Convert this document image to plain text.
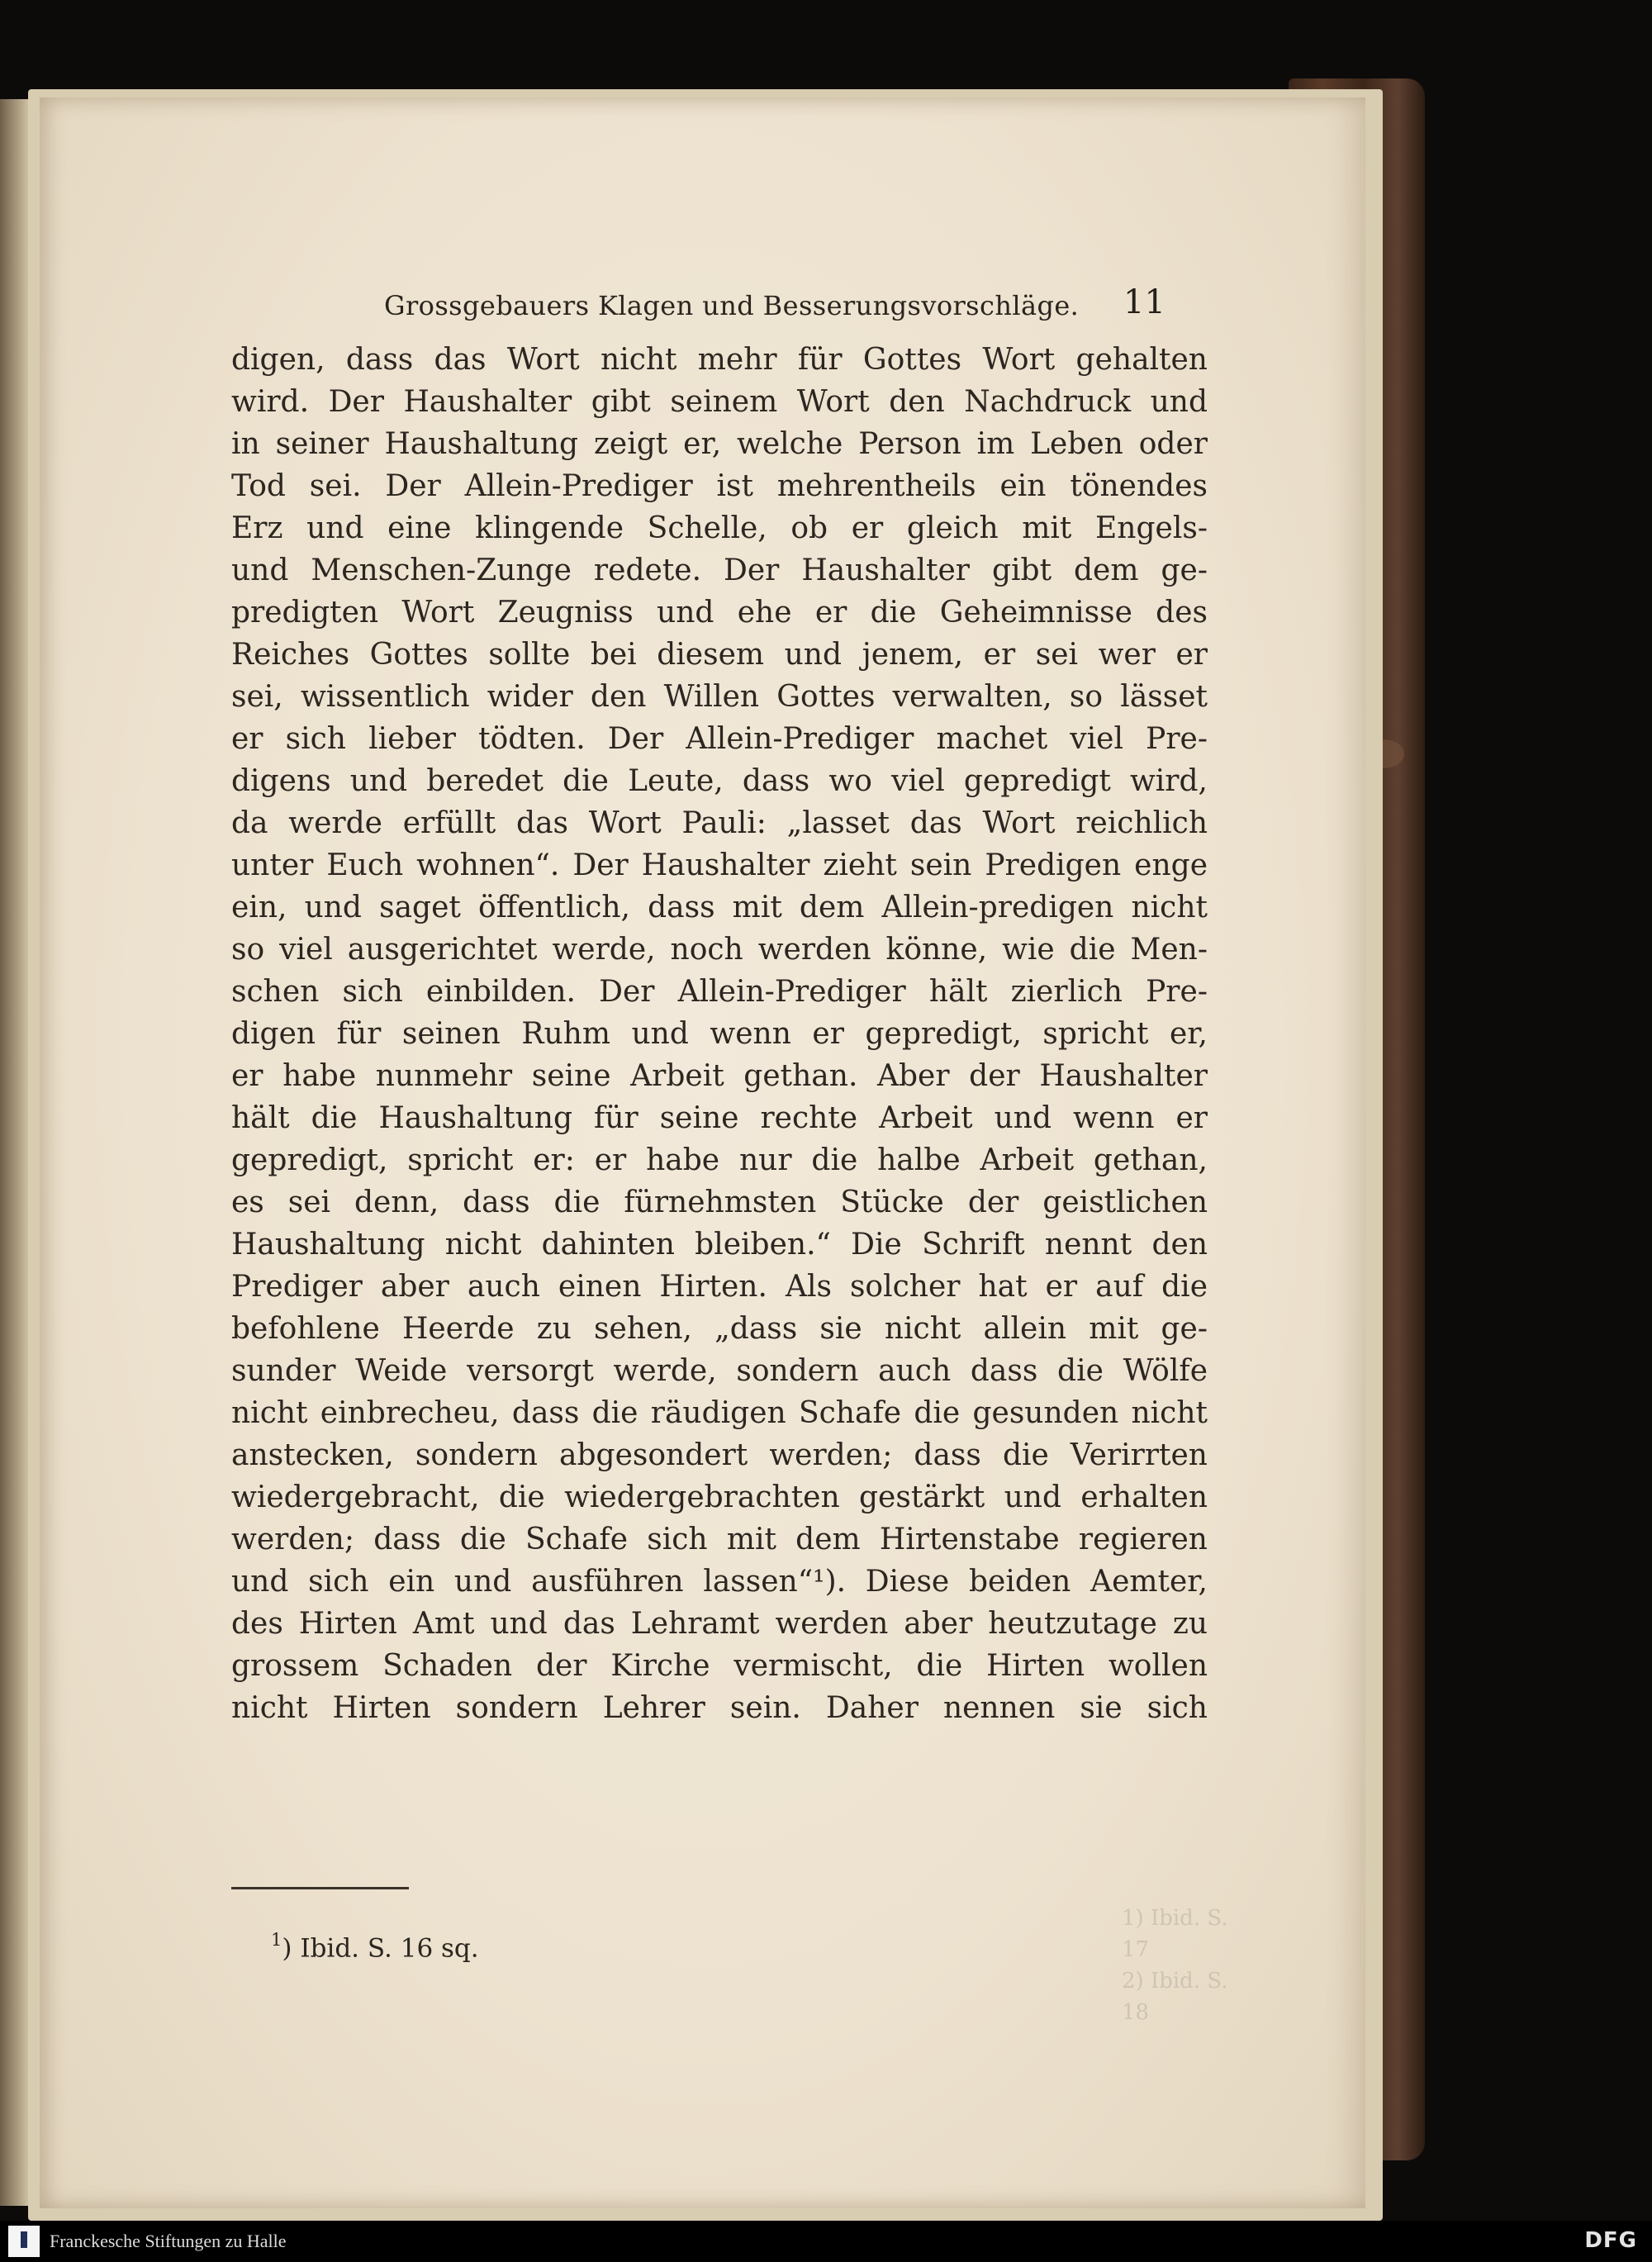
Grossgebauers Klagen und Besserungsvorschläge. 11
digen, dass das Wort nicht mehr für Gottes Wort gehalten
wird. Der Haushalter gibt seinem Wort den Nachdruck und
in seiner Haushaltung zeigt er, welche Person im Leben oder
Tod sei. Der Allein-Prediger ist mehrentheils ein tönendes
Erz und eine klingende Schelle, ob er gleich mit Engels-
und Menschen-Zunge redete. Der Haushalter gibt dem ge-
predigten Wort Zeugniss und ehe er die Geheimnisse des
Reiches Gottes sollte bei diesem und jenem, er sei wer er
sei, wissentlich wider den Willen Gottes verwalten, so lässet
er sich lieber tödten. Der Allein-Prediger machet viel Pre-
digens und beredet die Leute, dass wo viel gepredigt wird,
da werde erfüllt das Wort Pauli: „lasset das Wort reichlich
unter Euch wohnen“. Der Haushalter zieht sein Predigen enge
ein, und saget öffentlich, dass mit dem Allein-predigen nicht
so viel ausgerichtet werde, noch werden könne, wie die Men-
schen sich einbilden. Der Allein-Prediger hält zierlich Pre-
digen für seinen Ruhm und wenn er gepredigt, spricht er,
er habe nunmehr seine Arbeit gethan. Aber der Haushalter
hält die Haushaltung für seine rechte Arbeit und wenn er
gepredigt, spricht er: er habe nur die halbe Arbeit gethan,
es sei denn, dass die fürnehmsten Stücke der geistlichen
Haushaltung nicht dahinten bleiben.“ Die Schrift nennt den
Prediger aber auch einen Hirten. Als solcher hat er auf die
befohlene Heerde zu sehen, „dass sie nicht allein mit ge-
sunder Weide versorgt werde, sondern auch dass die Wölfe
nicht einbrecheu, dass die räudigen Schafe die gesunden nicht
anstecken, sondern abgesondert werden; dass die Verirrten
wiedergebracht, die wiedergebrachten gestärkt und erhalten
werden; dass die Schafe sich mit dem Hirtenstabe regieren
und sich ein und ausführen lassen“¹). Diese beiden Aemter,
des Hirten Amt und das Lehramt werden aber heutzutage zu
grossem Schaden der Kirche vermischt, die Hirten wollen
nicht Hirten sondern Lehrer sein. Daher nennen sie sich
$^1$) Ibid. S. 16 sq.
1) Ibid. S. 17
2) Ibid. S. 18
Franckesche Stiftungen zu Halle	DFG
